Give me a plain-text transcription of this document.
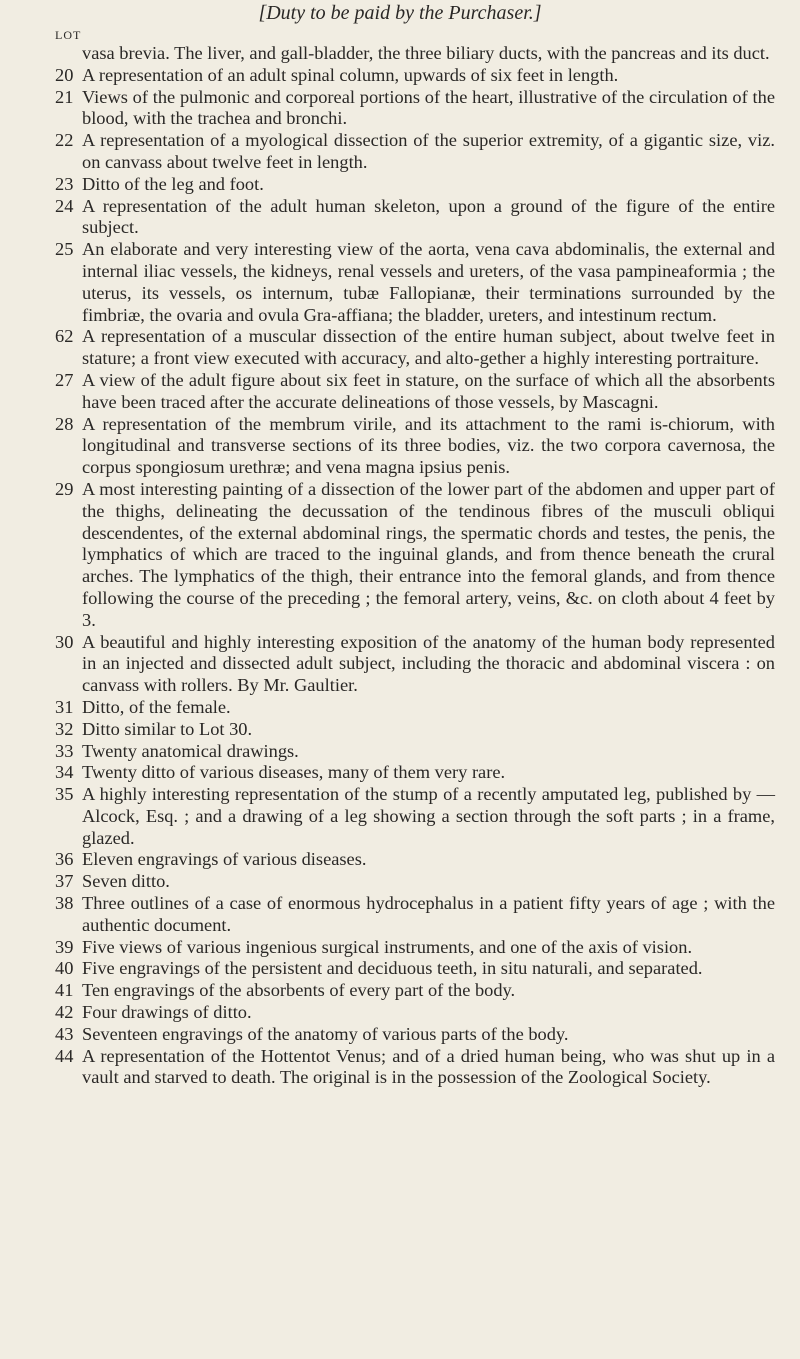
[Duty to be paid by the Purchaser.]
LOT

vasa brevia. The liver, and gall-bladder, the three biliary ducts, with the pancreas and its duct.

20 A representation of an adult spinal column, upwards of six feet in length.

21 Views of the pulmonic and corporeal portions of the heart, illustrative of the circulation of the blood, with the trachea and bronchi.

22 A representation of a myological dissection of the superior extremity, of a gigantic size, viz. on canvass about twelve feet in length.

23 Ditto of the leg and foot.

24 A representation of the adult human skeleton, upon a ground of the figure of the entire subject.

25 An elaborate and very interesting view of the aorta, vena cava abdominalis, the external and internal iliac vessels, the kidneys, renal vessels and ureters, of the vasa pampineaformia ; the uterus, its vessels, os internum, tubæ Fallopianæ, their terminations surrounded by the fimbriæ, the ovaria and ovula Gra-affiana; the bladder, ureters, and intestinum rectum.

62 A representation of a muscular dissection of the entire human subject, about twelve feet in stature; a front view executed with accuracy, and alto-gether a highly interesting portraiture.

27 A view of the adult figure about six feet in stature, on the surface of which all the absorbents have been traced after the accurate delineations of those vessels, by Mascagni.

28 A representation of the membrum virile, and its attachment to the rami is-chiorum, with longitudinal and transverse sections of its three bodies, viz. the two corpora cavernosa, the corpus spongiosum urethræ; and vena magna ipsius penis.

29 A most interesting painting of a dissection of the lower part of the abdomen and upper part of the thighs, delineating the decussation of the tendinous fibres of the musculi obliqui descendentes, of the external abdominal rings, the spermatic chords and testes, the penis, the lymphatics of which are traced to the inguinal glands, and from thence beneath the crural arches. The lymphatics of the thigh, their entrance into the femoral glands, and from thence following the course of the preceding ; the femoral artery, veins, &c. on cloth about 4 feet by 3.

30 A beautiful and highly interesting exposition of the anatomy of the human body represented in an injected and dissected adult subject, including the thoracic and abdominal viscera : on canvass with rollers. By Mr. Gaultier.

31 Ditto, of the female.

32 Ditto similar to Lot 30.

33 Twenty anatomical drawings.

34 Twenty ditto of various diseases, many of them very rare.

35 A highly interesting representation of the stump of a recently amputated leg, published by — Alcock, Esq. ; and a drawing of a leg showing a section through the soft parts ; in a frame, glazed.

36 Eleven engravings of various diseases.

37 Seven ditto.

38 Three outlines of a case of enormous hydrocephalus in a patient fifty years of age ; with the authentic document.

39 Five views of various ingenious surgical instruments, and one of the axis of vision.

40 Five engravings of the persistent and deciduous teeth, in situ naturali, and separated.

41 Ten engravings of the absorbents of every part of the body.

42 Four drawings of ditto.

43 Seventeen engravings of the anatomy of various parts of the body.

44 A representation of the Hottentot Venus; and of a dried human being, who was shut up in a vault and starved to death. The original is in the possession of the Zoological Society.
